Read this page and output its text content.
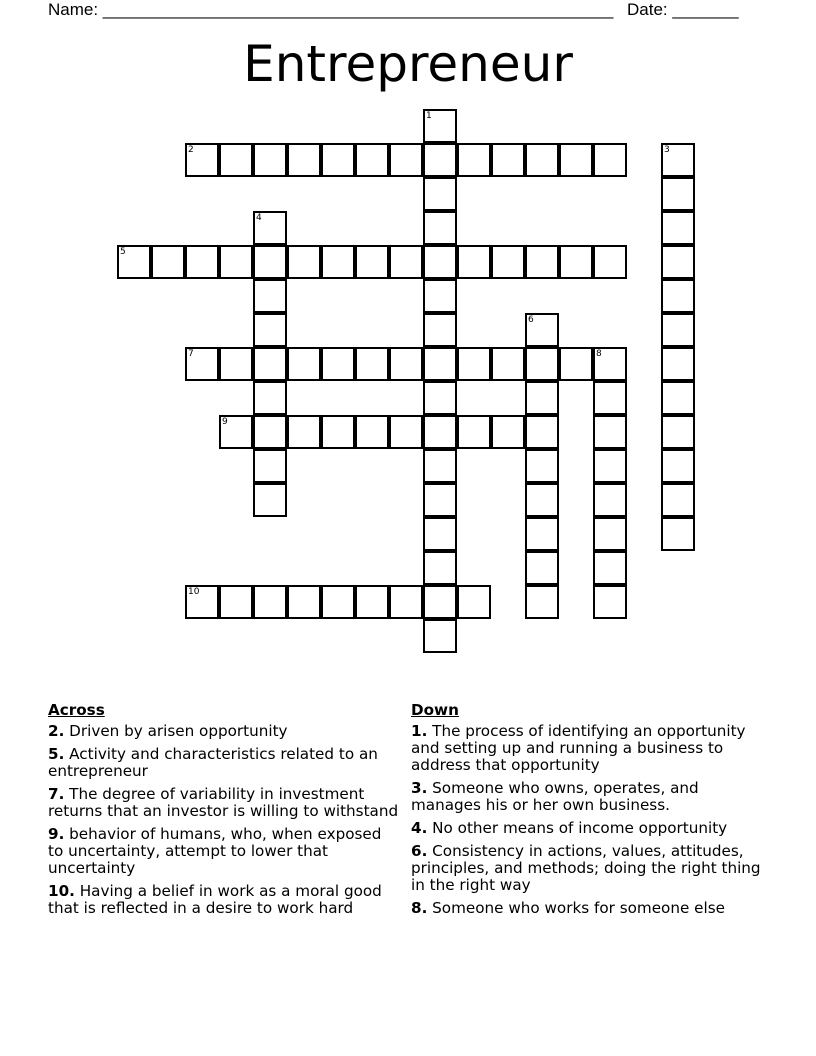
Name: ______________________________________________________ Date: _______
Entrepreneur
1
2	3
4
5
6
7	8
9
10
Across
2. Driven by arisen opportunity
5. Activity and characteristics related to an entrepreneur
7. The degree of variability in investment returns that an investor is willing to withstand
9. behavior of humans, who, when exposed to uncertainty, attempt to lower that uncertainty
10. Having a belief in work as a moral good that is reflected in a desire to work hard
Down
1. The process of identifying an opportunity and setting up and running a business to address that opportunity
3. Someone who owns, operates, and manages his or her own business.
4. No other means of income opportunity
6. Consistency in actions, values, attitudes, principles, and methods; doing the right thing in the right way
8. Someone who works for someone else
